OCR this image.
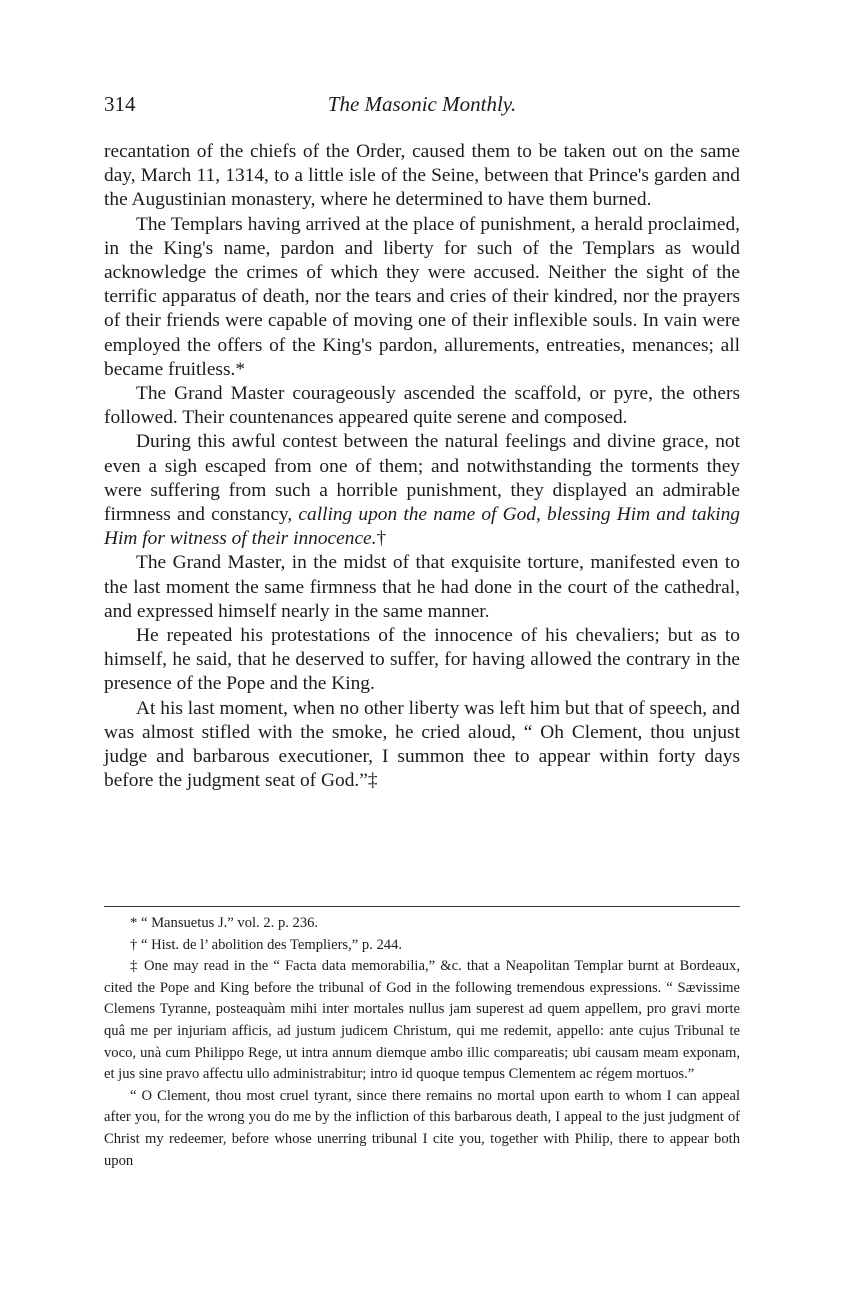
314	The Masonic Monthly.

recantation of the chiefs of the Order, caused them to be taken out on the same day, March 11, 1314, to a little isle of the Seine, between that Prince's garden and the Augustinian monastery, where he determined to have them burned.

The Templars having arrived at the place of punishment, a herald proclaimed, in the King's name, pardon and liberty for such of the Templars as would acknowledge the crimes of which they were accused. Neither the sight of the terrific apparatus of death, nor the tears and cries of their kindred, nor the prayers of their friends were capable of moving one of their inflexible souls. In vain were employed the offers of the King's pardon, allurements, entreaties, menances; all became fruitless.*

The Grand Master courageously ascended the scaffold, or pyre, the others followed. Their countenances appeared quite serene and composed.

During this awful contest between the natural feelings and divine grace, not even a sigh escaped from one of them; and notwithstanding the torments they were suffering from such a horrible punishment, they displayed an admirable firmness and constancy, calling upon the name of God, blessing Him and taking Him for witness of their innocence.†

The Grand Master, in the midst of that exquisite torture, manifested even to the last moment the same firmness that he had done in the court of the cathedral, and expressed himself nearly in the same manner.

He repeated his protestations of the innocence of his chevaliers; but as to himself, he said, that he deserved to suffer, for having allowed the contrary in the presence of the Pope and the King.

At his last moment, when no other liberty was left him but that of speech, and was almost stifled with the smoke, he cried aloud, “ Oh Clement, thou unjust judge and barbarous executioner, I summon thee to appear within forty days before the judgment seat of God.”‡

* “ Mansuetus J.” vol. 2. p. 236.

† “ Hist. de l’ abolition des Templiers,” p. 244.

‡ One may read in the “ Facta data memorabilia,” &c. that a Neapolitan Templar burnt at Bordeaux, cited the Pope and King before the tribunal of God in the following tremendous expressions. “ Sævissime Clemens Tyranne, posteaquàm mihi inter mortales nullus jam superest ad quem appellem, pro gravi morte quâ me per injuriam afficis, ad justum judicem Christum, qui me redemit, appello: ante cujus Tribunal te voco, unà cum Philippo Rege, ut intra annum diemque ambo illic compareatis; ubi causam meam exponam, et jus sine pravo affectu ullo administrabitur; intro id quoque tempus Clementem ac régem mortuos.”

“ O Clement, thou most cruel tyrant, since there remains no mortal upon earth to whom I can appeal after you, for the wrong you do me by the infliction of this barbarous death, I appeal to the just judgment of Christ my redeemer, before whose unerring tribunal I cite you, together with Philip, there to appear both upon
